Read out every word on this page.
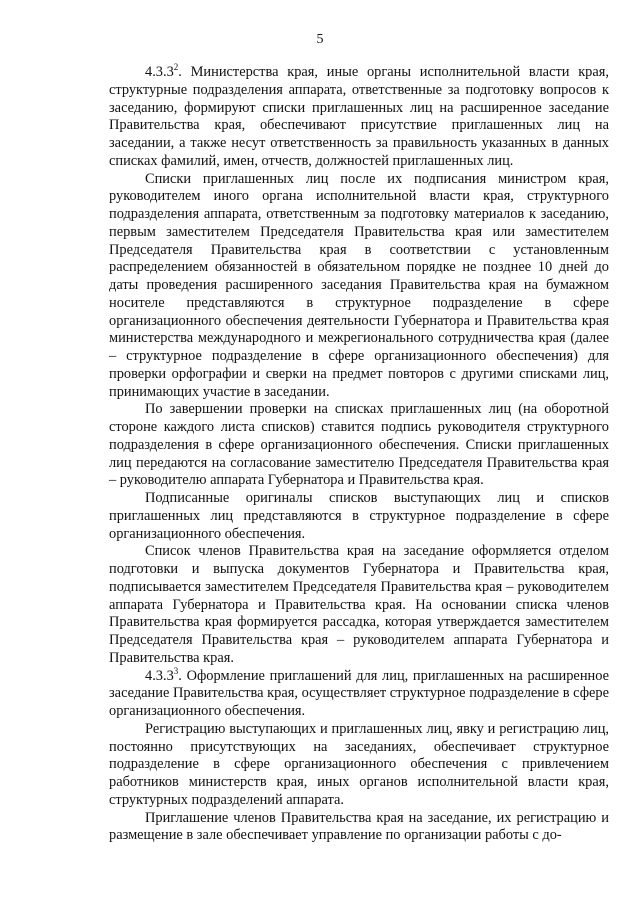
5

4.3.3$^2$. Министерства края, иные органы исполнительной власти края, структурные подразделения аппарата, ответственные за подготовку вопросов к заседанию, формируют списки приглашенных лиц на расширенное заседание Правительства края, обеспечивают присутствие приглашенных лиц на заседании, а также несут ответственность за правильность указанных в данных списках фамилий, имен, отчеств, должностей приглашенных лиц.

Списки приглашенных лиц после их подписания министром края, руководителем иного органа исполнительной власти края, структурного подразделения аппарата, ответственным за подготовку материалов к заседанию, первым заместителем Председателя Правительства края или заместителем Председателя Правительства края в соответствии с установленным распределением обязанностей в обязательном порядке не позднее 10 дней до даты проведения расширенного заседания Правительства края на бумажном носителе представляются в структурное подразделение в сфере организационного обеспечения деятельности Губернатора и Правительства края министерства международного и межрегионального сотрудничества края (далее – структурное подразделение в сфере организационного обеспечения) для проверки орфографии и сверки на предмет повторов с другими списками лиц, принимающих участие в заседании.

По завершении проверки на списках приглашенных лиц (на оборотной стороне каждого листа списков) ставится подпись руководителя структурного подразделения в сфере организационного обеспечения. Списки приглашенных лиц передаются на согласование заместителю Председателя Правительства края – руководителю аппарата Губернатора и Правительства края.

Подписанные оригиналы списков выступающих лиц и списков приглашенных лиц представляются в структурное подразделение в сфере организационного обеспечения.

Список членов Правительства края на заседание оформляется отделом подготовки и выпуска документов Губернатора и Правительства края, подписывается заместителем Председателя Правительства края – руководителем аппарата Губернатора и Правительства края. На основании списка членов Правительства края формируется рассадка, которая утверждается заместителем Председателя Правительства края – руководителем аппарата Губернатора и Правительства края.

4.3.3$^3$. Оформление приглашений для лиц, приглашенных на расширенное заседание Правительства края, осуществляет структурное подразделение в сфере организационного обеспечения.

Регистрацию выступающих и приглашенных лиц, явку и регистрацию лиц, постоянно присутствующих на заседаниях, обеспечивает структурное подразделение в сфере организационного обеспечения с привлечением работников министерств края, иных органов исполнительной власти края, структурных подразделений аппарата.

Приглашение членов Правительства края на заседание, их регистрацию и размещение в зале обеспечивает управление по организации работы с до-
